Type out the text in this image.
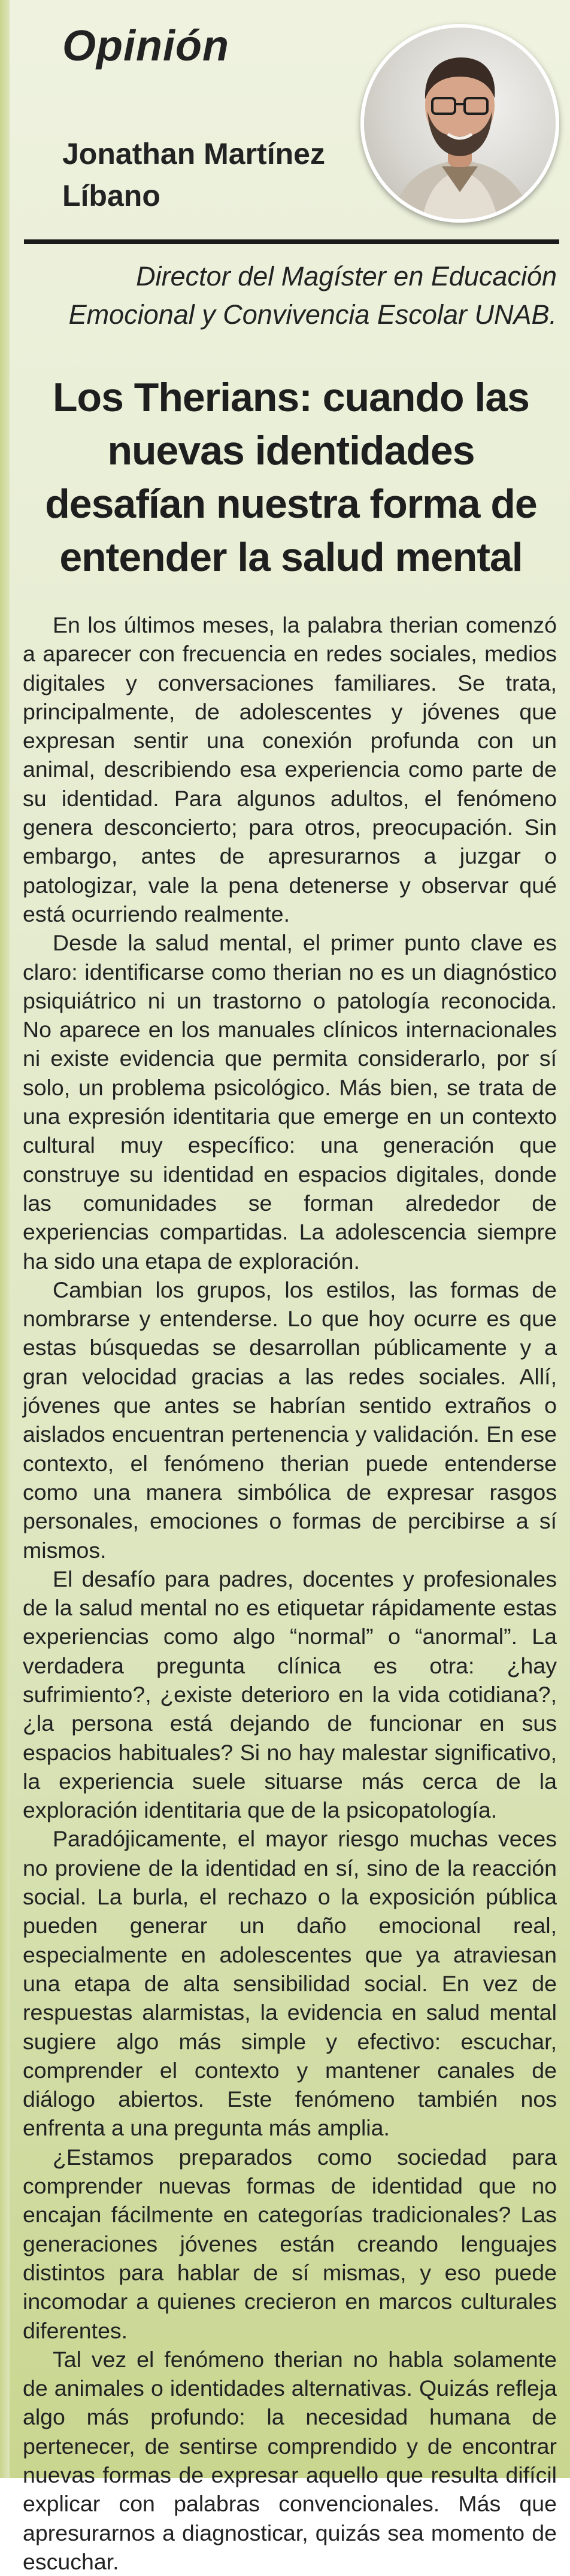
Opinión
Jonathan Martínez Líbano
Director del Magíster en Educación Emocional y Convivencia Escolar UNAB.
Los Therians: cuando las nuevas identidades desafían nuestra forma de entender la salud mental

En los últimos meses, la palabra therian comenzó a aparecer con frecuencia en redes sociales, medios digitales y conversaciones familiares. Se trata, principalmente, de adolescentes y jóvenes que expresan sentir una conexión profunda con un animal, describiendo esa experiencia como parte de su identidad. Para algunos adultos, el fenómeno genera desconcierto; para otros, preocupación. Sin embargo, antes de apresurarnos a juzgar o patologizar, vale la pena detenerse y observar qué está ocurriendo realmente.

Desde la salud mental, el primer punto clave es claro: identificarse como therian no es un diagnóstico psiquiátrico ni un trastorno o patología reconocida. No aparece en los manuales clínicos internacionales ni existe evidencia que permita considerarlo, por sí solo, un problema psicológico. Más bien, se trata de una expresión identitaria que emerge en un contexto cultural muy específico: una generación que construye su identidad en espacios digitales, donde las comunidades se forman alrededor de experiencias compartidas. La adolescencia siempre ha sido una etapa de exploración.

Cambian los grupos, los estilos, las formas de nombrarse y entenderse. Lo que hoy ocurre es que estas búsquedas se desarrollan públicamente y a gran velocidad gracias a las redes sociales. Allí, jóvenes que antes se habrían sentido extraños o aislados encuentran pertenencia y validación. En ese contexto, el fenómeno therian puede entenderse como una manera simbólica de expresar rasgos personales, emociones o formas de percibirse a sí mismos.

El desafío para padres, docentes y profesionales de la salud mental no es etiquetar rápidamente estas experiencias como algo “normal” o “anormal”. La verdadera pregunta clínica es otra: ¿hay sufrimiento?, ¿existe deterioro en la vida cotidiana?, ¿la persona está dejando de funcionar en sus espacios habituales? Si no hay malestar significativo, la experiencia suele situarse más cerca de la exploración identitaria que de la psicopatología.

Paradójicamente, el mayor riesgo muchas veces no proviene de la identidad en sí, sino de la reacción social. La burla, el rechazo o la exposición pública pueden generar un daño emocional real, especialmente en adolescentes que ya atraviesan una etapa de alta sensibilidad social. En vez de respuestas alarmistas, la evidencia en salud mental sugiere algo más simple y efectivo: escuchar, comprender el contexto y mantener canales de diálogo abiertos. Este fenómeno también nos enfrenta a una pregunta más amplia.

¿Estamos preparados como sociedad para comprender nuevas formas de identidad que no encajan fácilmente en categorías tradicionales? Las generaciones jóvenes están creando lenguajes distintos para hablar de sí mismas, y eso puede incomodar a quienes crecieron en marcos culturales diferentes.

Tal vez el fenómeno therian no habla solamente de animales o identidades alternativas. Quizás refleja algo más profundo: la necesidad humana de pertenecer, de sentirse comprendido y de encontrar nuevas formas de expresar aquello que resulta difícil explicar con palabras convencionales. Más que apresurarnos a diagnosticar, quizás sea momento de escuchar.
